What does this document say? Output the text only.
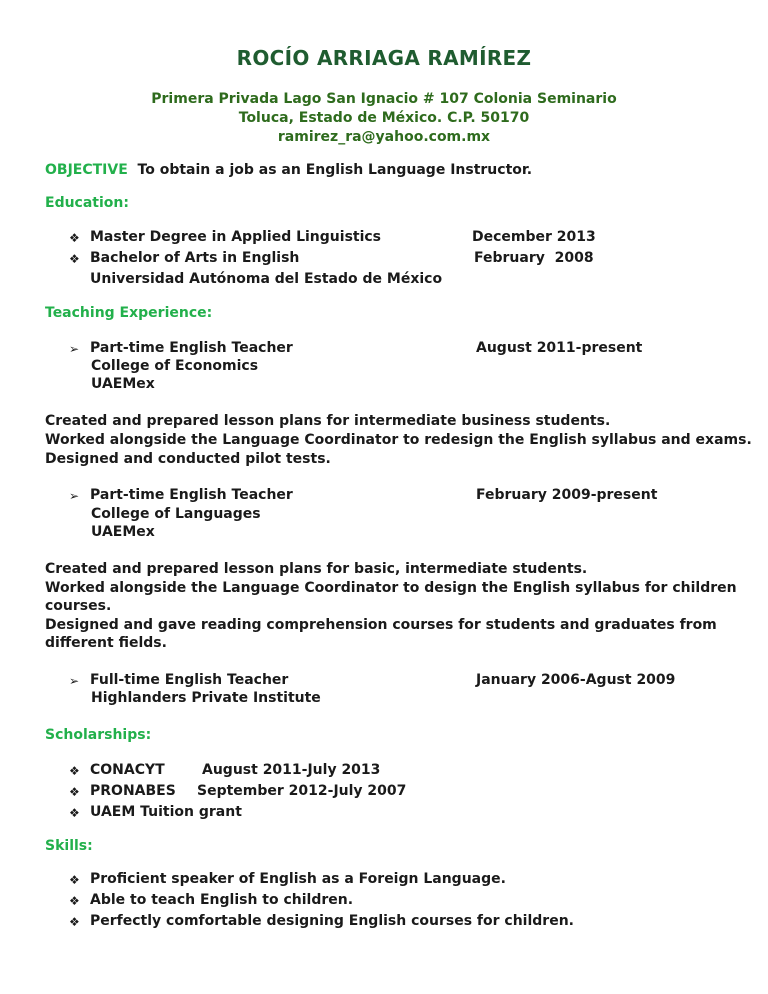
ROCÍO ARRIAGA RAMÍREZ
Primera Privada Lago San Ignacio # 107 Colonia Seminario
Toluca, Estado de México. C.P. 50170
ramirez_ra@yahoo.com.mx
OBJECTIVE To obtain a job as an English Language Instructor.
Education:
❖ Master Degree in Applied Linguistics	December 2013
❖ Bachelor of Arts in English	February  2008
Universidad Autónoma del Estado de México
Teaching Experience:
➢ Part-time English Teacher	August 2011-present
College of Economics
UAEMex
Created and prepared lesson plans for intermediate business students.
Worked alongside the Language Coordinator to redesign the English syllabus and exams.
Designed and conducted pilot tests.
➢ Part-time English Teacher	February 2009-present
College of Languages
UAEMex
Created and prepared lesson plans for basic, intermediate students.
Worked alongside the Language Coordinator to design the English syllabus for children
courses.
Designed and gave reading comprehension courses for students and graduates from
different fields.
➢ Full-time English Teacher	January 2006-Agust 2009
Highlanders Private Institute
Scholarships:
❖ CONACYT	August 2011-July 2013
❖ PRONABES September 2012-July 2007
❖ UAEM Tuition grant
Skills:
❖ Proficient speaker of English as a Foreign Language.
❖ Able to teach English to children.
❖ Perfectly comfortable designing English courses for children.
